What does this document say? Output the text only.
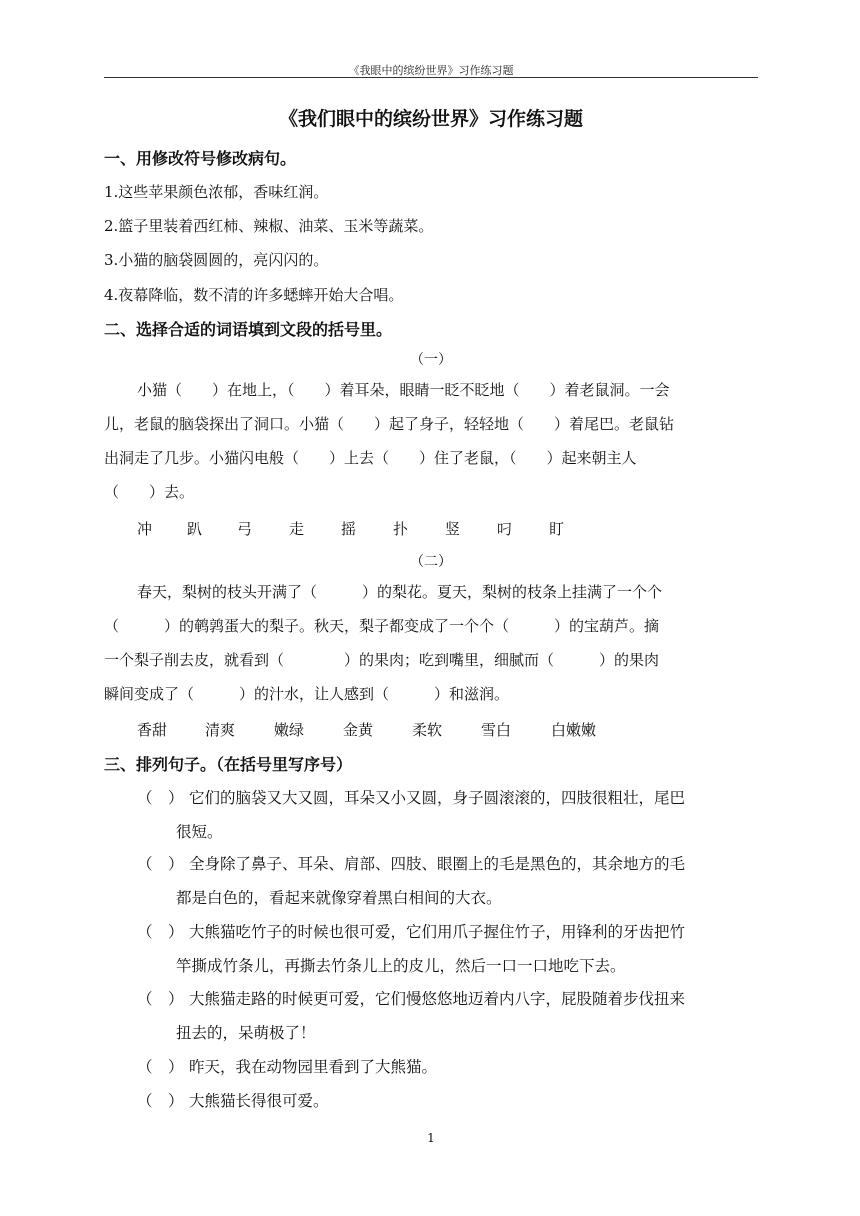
《我眼中的缤纷世界》习作练习题
《我们眼中的缤纷世界》习作练习题
一、用修改符号修改病句。
1.这些苹果颜色浓郁，香味红润。
2.篮子里装着西红柿、辣椒、油菜、玉米等蔬菜。
3.小猫的脑袋圆圆的，亮闪闪的。
4.夜幕降临，数不清的许多蟋蟀开始大合唱。
二、选择合适的词语填到文段的括号里。
（一）
小猫（　　）在地上，（　　）着耳朵，眼睛一眨不眨地（　　）着老鼠洞。一会
儿，老鼠的脑袋探出了洞口。小猫（　　）起了身子，轻轻地（　　）着尾巴。老鼠钻
出洞走了几步。小猫闪电般（　　）上去（　　）住了老鼠，（　　）起来朝主人
（　　）去。
冲 趴 弓 走 摇 扑 竖 叼 盯
（二）
春天，梨树的枝头开满了（　　　）的梨花。夏天，梨树的枝条上挂满了一个个
（　　　）的鹌鹑蛋大的梨子。秋天，梨子都变成了一个个（　　　）的宝葫芦。摘
一个梨子削去皮，就看到（　　　　）的果肉；吃到嘴里，细腻而（　　　）的果肉
瞬间变成了（　　　）的汁水，让人感到（　　　）和滋润。
香甜	清爽	嫩绿	金黄	柔软	雪白	白嫩嫩
三、排列句子。（在括号里写序号）
（　） 它们的脑袋又大又圆，耳朵又小又圆，身子圆滚滚的，四肢很粗壮，尾巴
很短。
（　） 全身除了鼻子、耳朵、肩部、四肢、眼圈上的毛是黑色的，其余地方的毛
都是白色的，看起来就像穿着黑白相间的大衣。
（　） 大熊猫吃竹子的时候也很可爱，它们用爪子握住竹子，用锋利的牙齿把竹
竿撕成竹条儿，再撕去竹条儿上的皮儿，然后一口一口地吃下去。
（　） 大熊猫走路的时候更可爱，它们慢悠悠地迈着内八字，屁股随着步伐扭来
扭去的，呆萌极了！
（　） 昨天，我在动物园里看到了大熊猫。
（　） 大熊猫长得很可爱。
1
